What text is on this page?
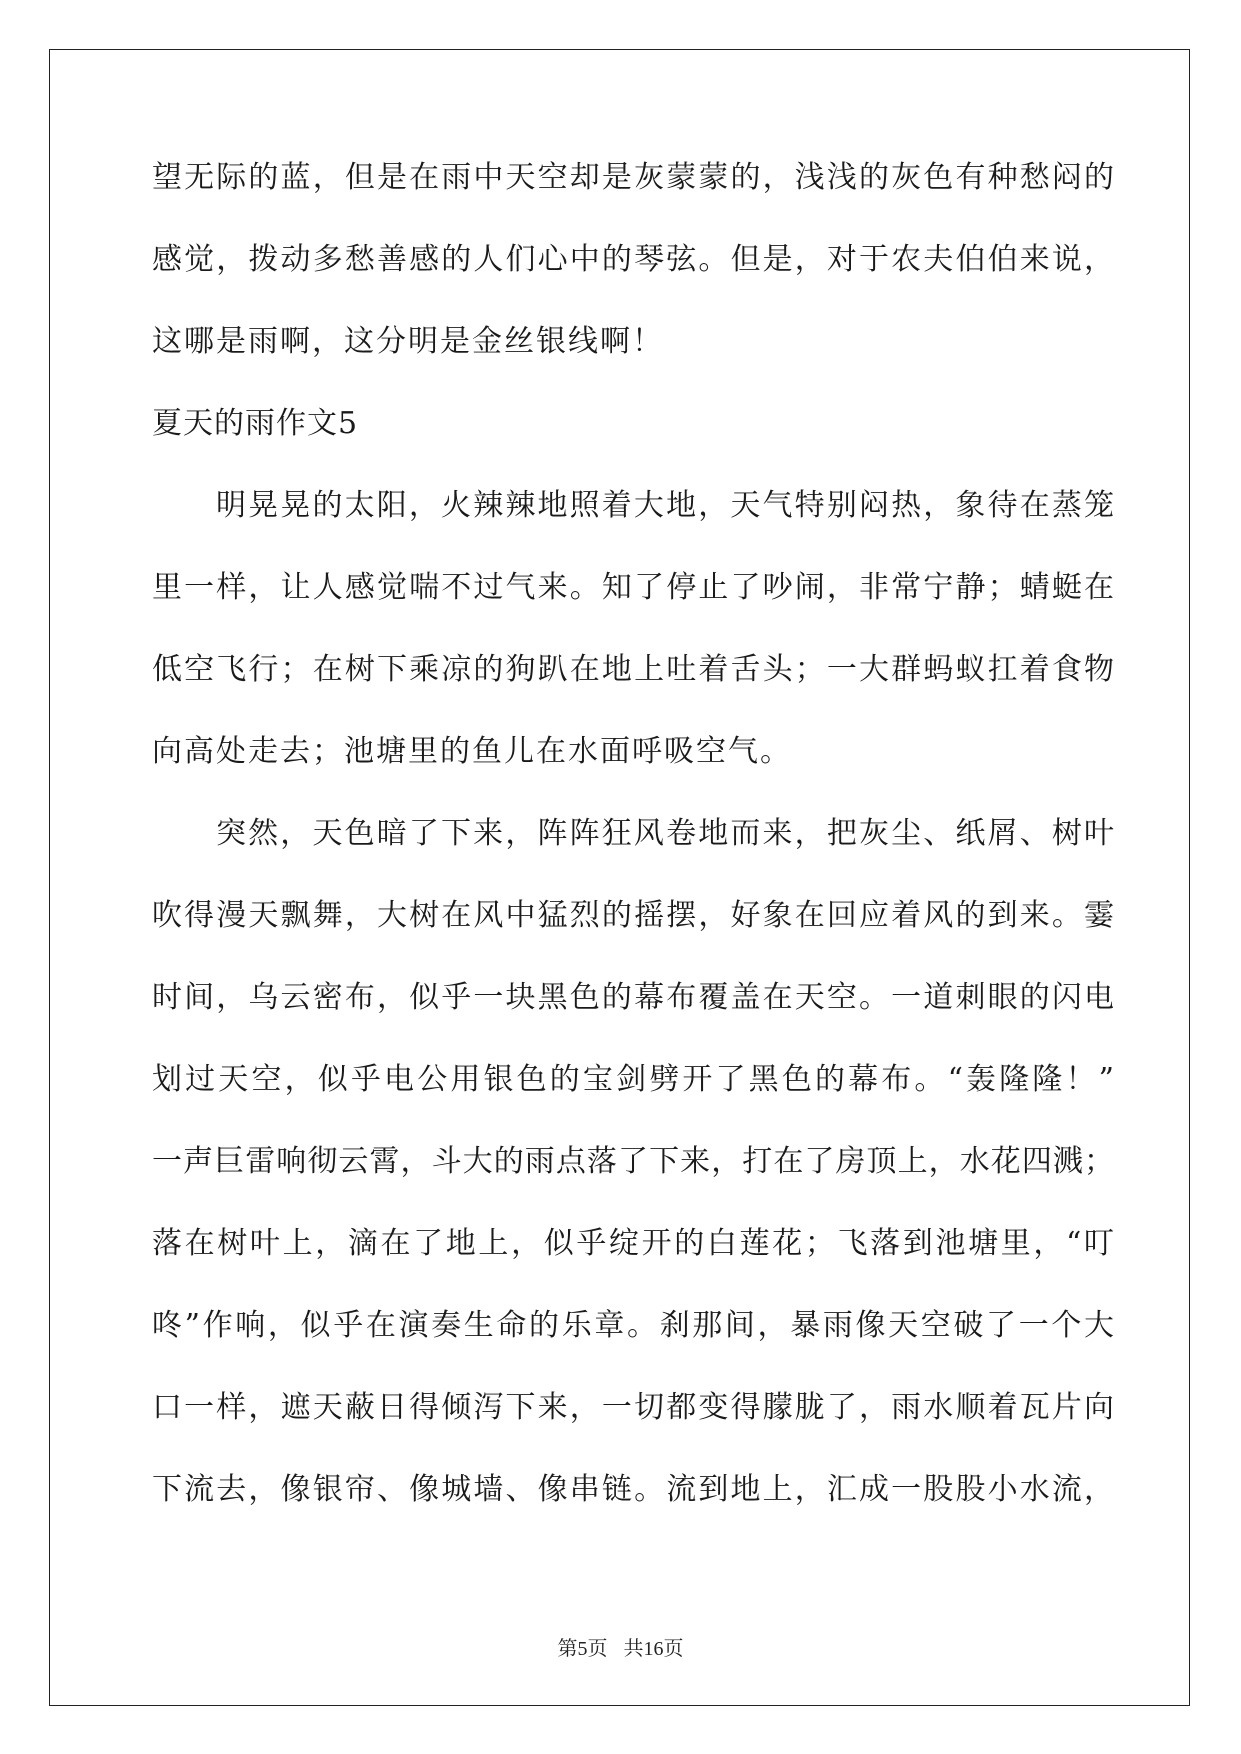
望无际的蓝，但是在雨中天空却是灰蒙蒙的，浅浅的灰色有种愁闷的
感觉，拨动多愁善感的人们心中的琴弦。但是，对于农夫伯伯来说，
这哪是雨啊，这分明是金丝银线啊！
夏天的雨作文5
明晃晃的太阳，火辣辣地照着大地，天气特别闷热，象待在蒸笼
里一样，让人感觉喘不过气来。知了停止了吵闹，非常宁静；蜻蜓在
低空飞行；在树下乘凉的狗趴在地上吐着舌头；一大群蚂蚁扛着食物
向高处走去；池塘里的鱼儿在水面呼吸空气。
突然，天色暗了下来，阵阵狂风卷地而来，把灰尘、纸屑、树叶
吹得漫天飘舞，大树在风中猛烈的摇摆，好象在回应着风的到来。霎
时间，乌云密布，似乎一块黑色的幕布覆盖在天空。一道刺眼的闪电
划过天空，似乎电公用银色的宝剑劈开了黑色的幕布。“轰隆隆！”
一声巨雷响彻云霄，斗大的雨点落了下来，打在了房顶上，水花四溅；
落在树叶上，滴在了地上，似乎绽开的白莲花；飞落到池塘里，“叮
咚”作响，似乎在演奏生命的乐章。刹那间，暴雨像天空破了一个大
口一样，遮天蔽日得倾泻下来，一切都变得朦胧了，雨水顺着瓦片向
下流去，像银帘、像城墙、像串链。流到地上，汇成一股股小水流，
第5页 共16页
